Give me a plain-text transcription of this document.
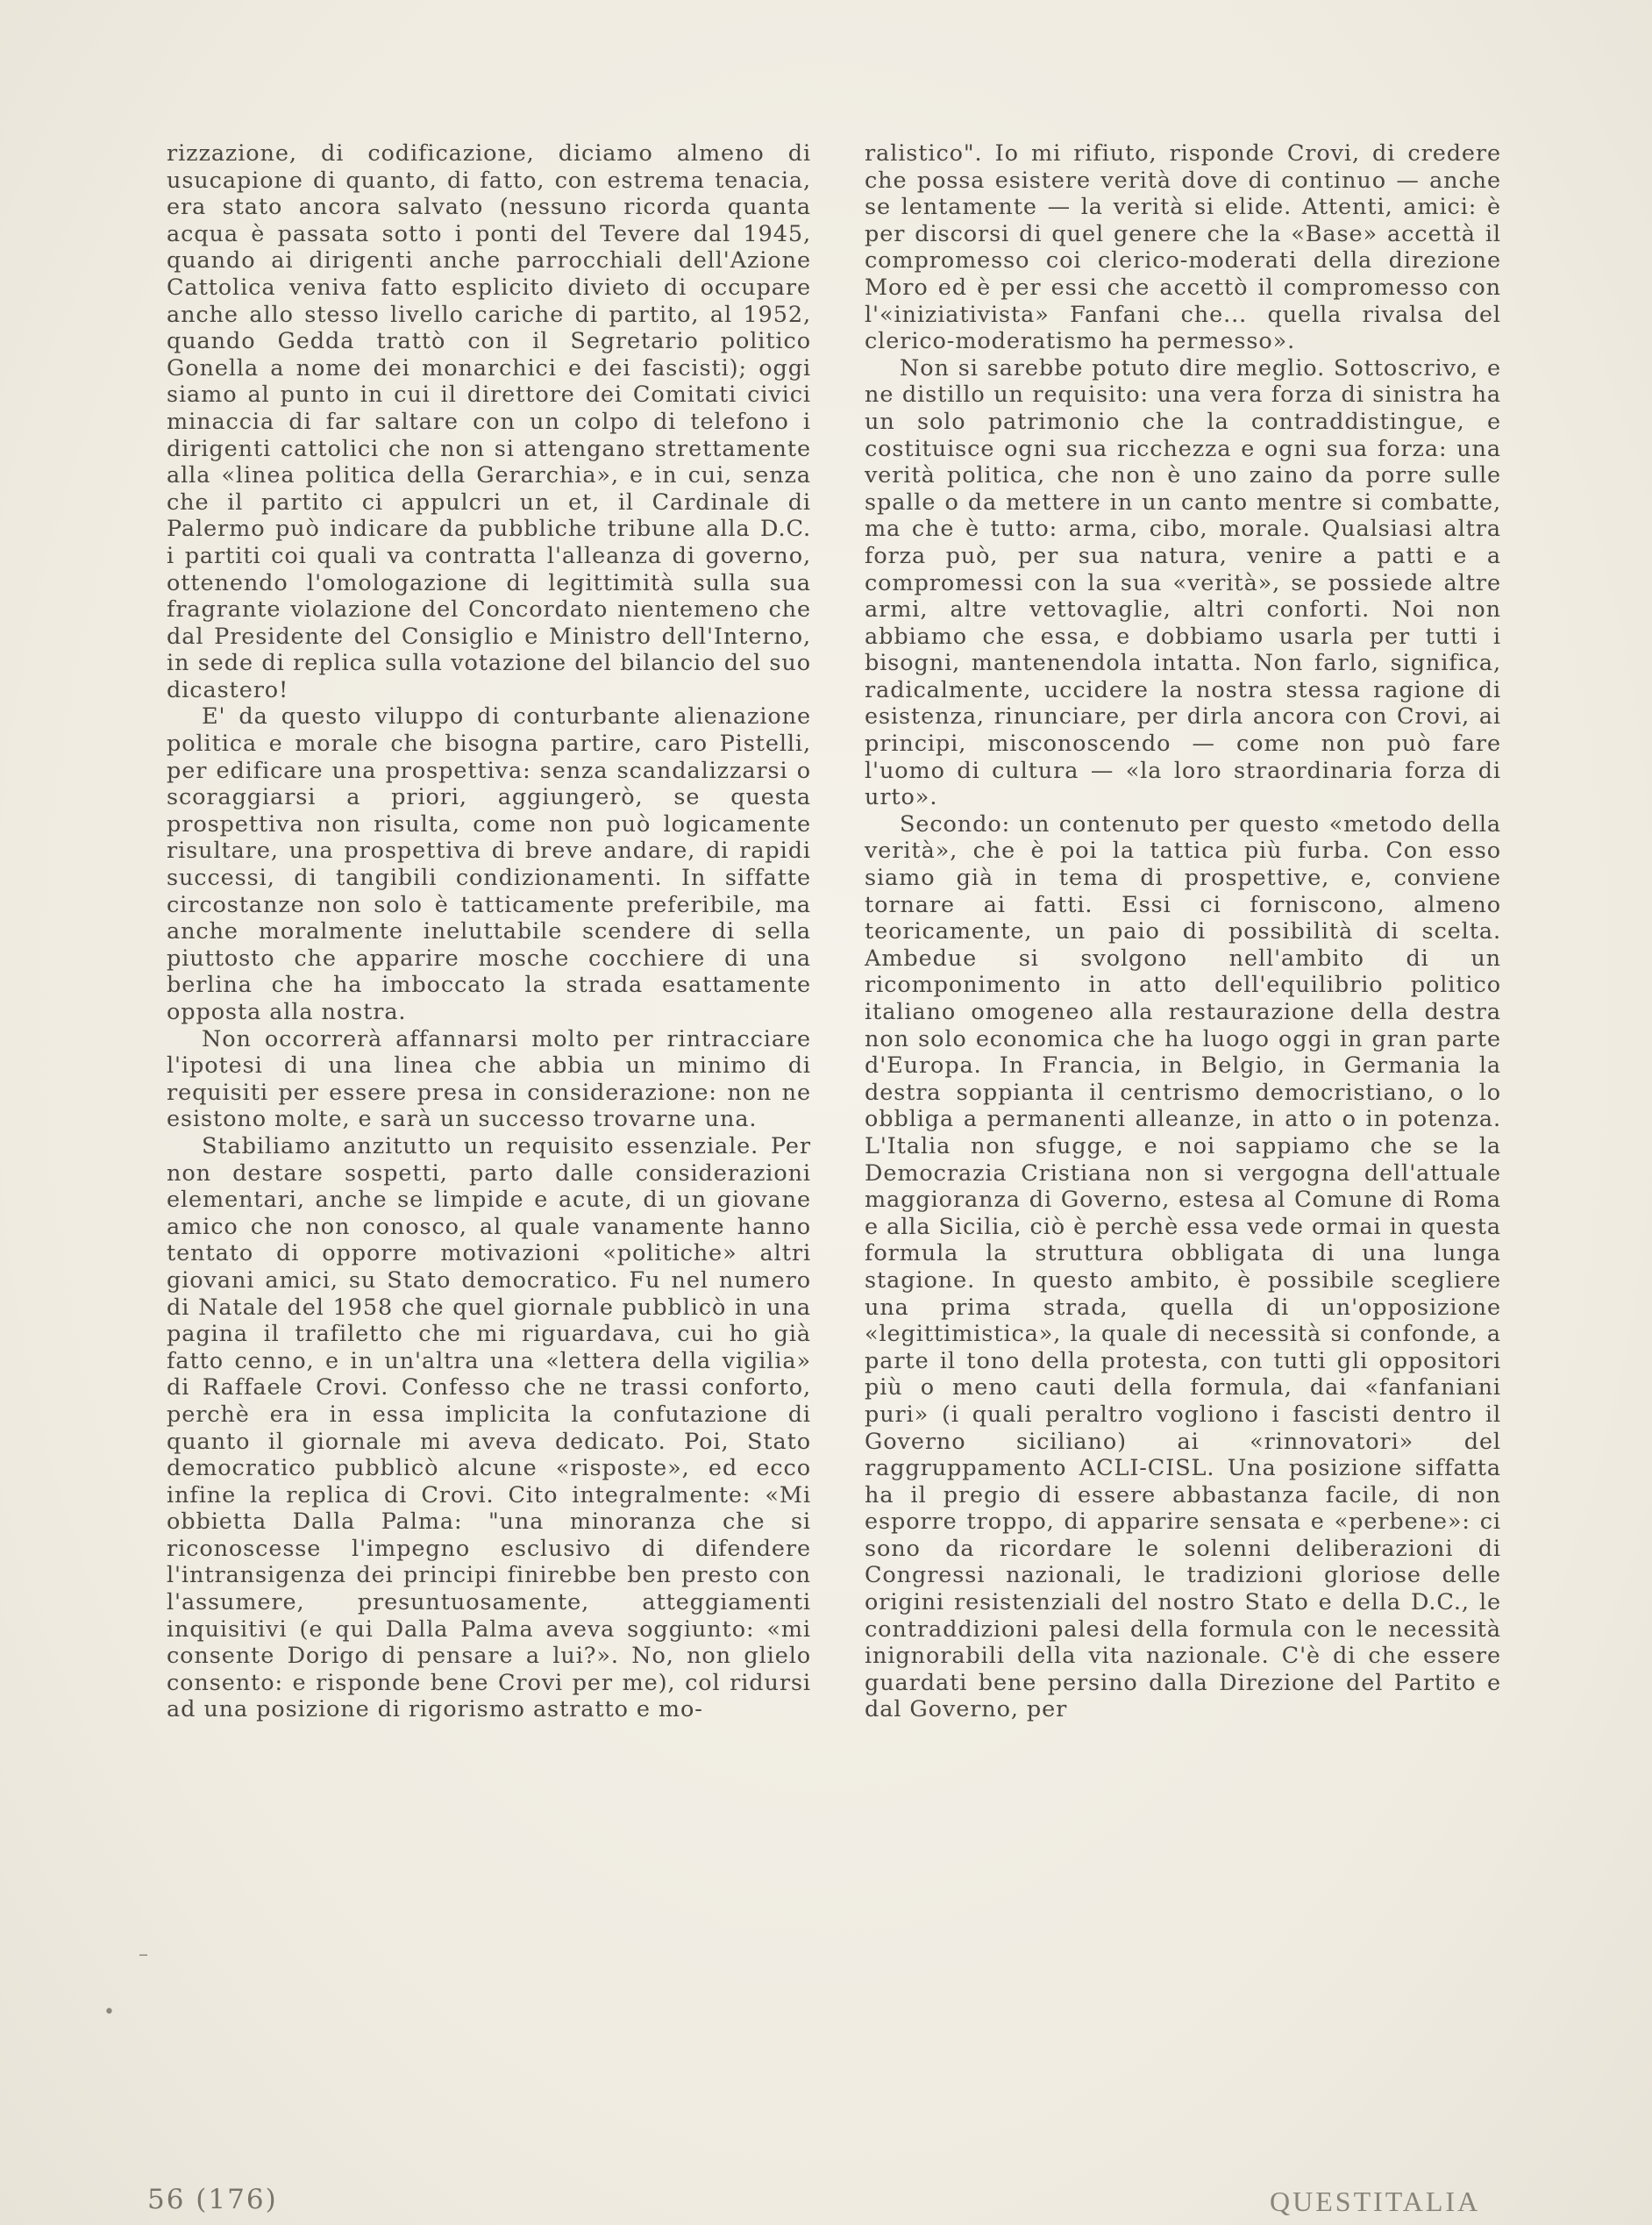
rizzazione, di codificazione, diciamo almeno di usucapione di quanto, di fatto, con estrema tenacia, era stato ancora salvato (nessuno ricorda quanta acqua è passata sotto i ponti del Tevere dal 1945, quando ai dirigenti anche parrocchiali dell'Azione Cattolica veniva fatto esplicito divieto di occupare anche allo stesso livello cariche di partito, al 1952, quando Gedda trattò con il Segretario politico Gonella a nome dei monarchici e dei fascisti); oggi siamo al punto in cui il direttore dei Comitati civici minaccia di far saltare con un colpo di telefono i dirigenti cattolici che non si attengano strettamente alla «linea politica della Gerarchia», e in cui, senza che il partito ci appulcri un et, il Cardinale di Palermo può indicare da pubbliche tribune alla D.C. i partiti coi quali va contratta l'alleanza di governo, ottenendo l'omologazione di legittimità sulla sua fragrante violazione del Concordato nientemeno che dal Presidente del Consiglio e Ministro dell'Interno, in sede di replica sulla votazione del bilancio del suo dicastero!

E' da questo viluppo di conturbante alienazione politica e morale che bisogna partire, caro Pistelli, per edificare una prospettiva: senza scandalizzarsi o scoraggiarsi a priori, aggiungerò, se questa prospettiva non risulta, come non può logicamente risultare, una prospettiva di breve andare, di rapidi successi, di tangibili condizionamenti. In siffatte circostanze non solo è tatticamente preferibile, ma anche moralmente ineluttabile scendere di sella piuttosto che apparire mosche cocchiere di una berlina che ha imboccato la strada esattamente opposta alla nostra.

Non occorrerà affannarsi molto per rintracciare l'ipotesi di una linea che abbia un minimo di requisiti per essere presa in considerazione: non ne esistono molte, e sarà un successo trovarne una.

Stabiliamo anzitutto un requisito essenziale. Per non destare sospetti, parto dalle considerazioni elementari, anche se limpide e acute, di un giovane amico che non conosco, al quale vanamente hanno tentato di opporre motivazioni «politiche» altri giovani amici, su Stato democratico. Fu nel numero di Natale del 1958 che quel giornale pubblicò in una pagina il trafiletto che mi riguardava, cui ho già fatto cenno, e in un'altra una «lettera della vigilia» di Raffaele Crovi. Confesso che ne trassi conforto, perchè era in essa implicita la confutazione di quanto il giornale mi aveva dedicato. Poi, Stato democratico pubblicò alcune «risposte», ed ecco infine la replica di Crovi. Cito integralmente: «Mi obbietta Dalla Palma: "una minoranza che si riconoscesse l'impegno esclusivo di difendere l'intransigenza dei principi finirebbe ben presto con l'assumere, presuntuosamente, atteggiamenti inquisitivi (e qui Dalla Palma aveva soggiunto: «mi consente Dorigo di pensare a lui?». No, non glielo consento: e risponde bene Crovi per me), col ridursi ad una posizione di rigorismo astratto e mo-

ralistico". Io mi rifiuto, risponde Crovi, di credere che possa esistere verità dove di continuo — anche se lentamente — la verità si elide. Attenti, amici: è per discorsi di quel genere che la «Base» accettà il compromesso coi clerico-moderati della direzione Moro ed è per essi che accettò il compromesso con l'«iniziativista» Fanfani che... quella rivalsa del clerico-moderatismo ha permesso».

Non si sarebbe potuto dire meglio. Sottoscrivo, e ne distillo un requisito: una vera forza di sinistra ha un solo patrimonio che la contraddistingue, e costituisce ogni sua ricchezza e ogni sua forza: una verità politica, che non è uno zaino da porre sulle spalle o da mettere in un canto mentre si combatte, ma che è tutto: arma, cibo, morale. Qualsiasi altra forza può, per sua natura, venire a patti e a compromessi con la sua «verità», se possiede altre armi, altre vettovaglie, altri conforti. Noi non abbiamo che essa, e dobbiamo usarla per tutti i bisogni, mantenendola intatta. Non farlo, significa, radicalmente, uccidere la nostra stessa ragione di esistenza, rinunciare, per dirla ancora con Crovi, ai principi, misconoscendo — come non può fare l'uomo di cultura — «la loro straordinaria forza di urto».

Secondo: un contenuto per questo «metodo della verità», che è poi la tattica più furba. Con esso siamo già in tema di prospettive, e, conviene tornare ai fatti. Essi ci forniscono, almeno teoricamente, un paio di possibilità di scelta. Ambedue si svolgono nell'ambito di un ricomponimento in atto dell'equilibrio politico italiano omogeneo alla restaurazione della destra non solo economica che ha luogo oggi in gran parte d'Europa. In Francia, in Belgio, in Germania la destra soppianta il centrismo democristiano, o lo obbliga a permanenti alleanze, in atto o in potenza. L'Italia non sfugge, e noi sappiamo che se la Democrazia Cristiana non si vergogna dell'attuale maggioranza di Governo, estesa al Comune di Roma e alla Sicilia, ciò è perchè essa vede ormai in questa formula la struttura obbligata di una lunga stagione. In questo ambito, è possibile scegliere una prima strada, quella di un'opposizione «legittimistica», la quale di necessità si confonde, a parte il tono della protesta, con tutti gli oppositori più o meno cauti della formula, dai «fanfaniani puri» (i quali peraltro vogliono i fascisti dentro il Governo siciliano) ai «rinnovatori» del raggruppamento ACLI-CISL. Una posizione siffatta ha il pregio di essere abbastanza facile, di non esporre troppo, di apparire sensata e «perbene»: ci sono da ricordare le solenni deliberazioni di Congressi nazionali, le tradizioni gloriose delle origini resistenziali del nostro Stato e della D.C., le contraddizioni palesi della formula con le necessità inignorabili della vita nazionale. C'è di che essere guardati bene persino dalla Direzione del Partito e dal Governo, per

56 (176)	QUESTITALIA
–
•
